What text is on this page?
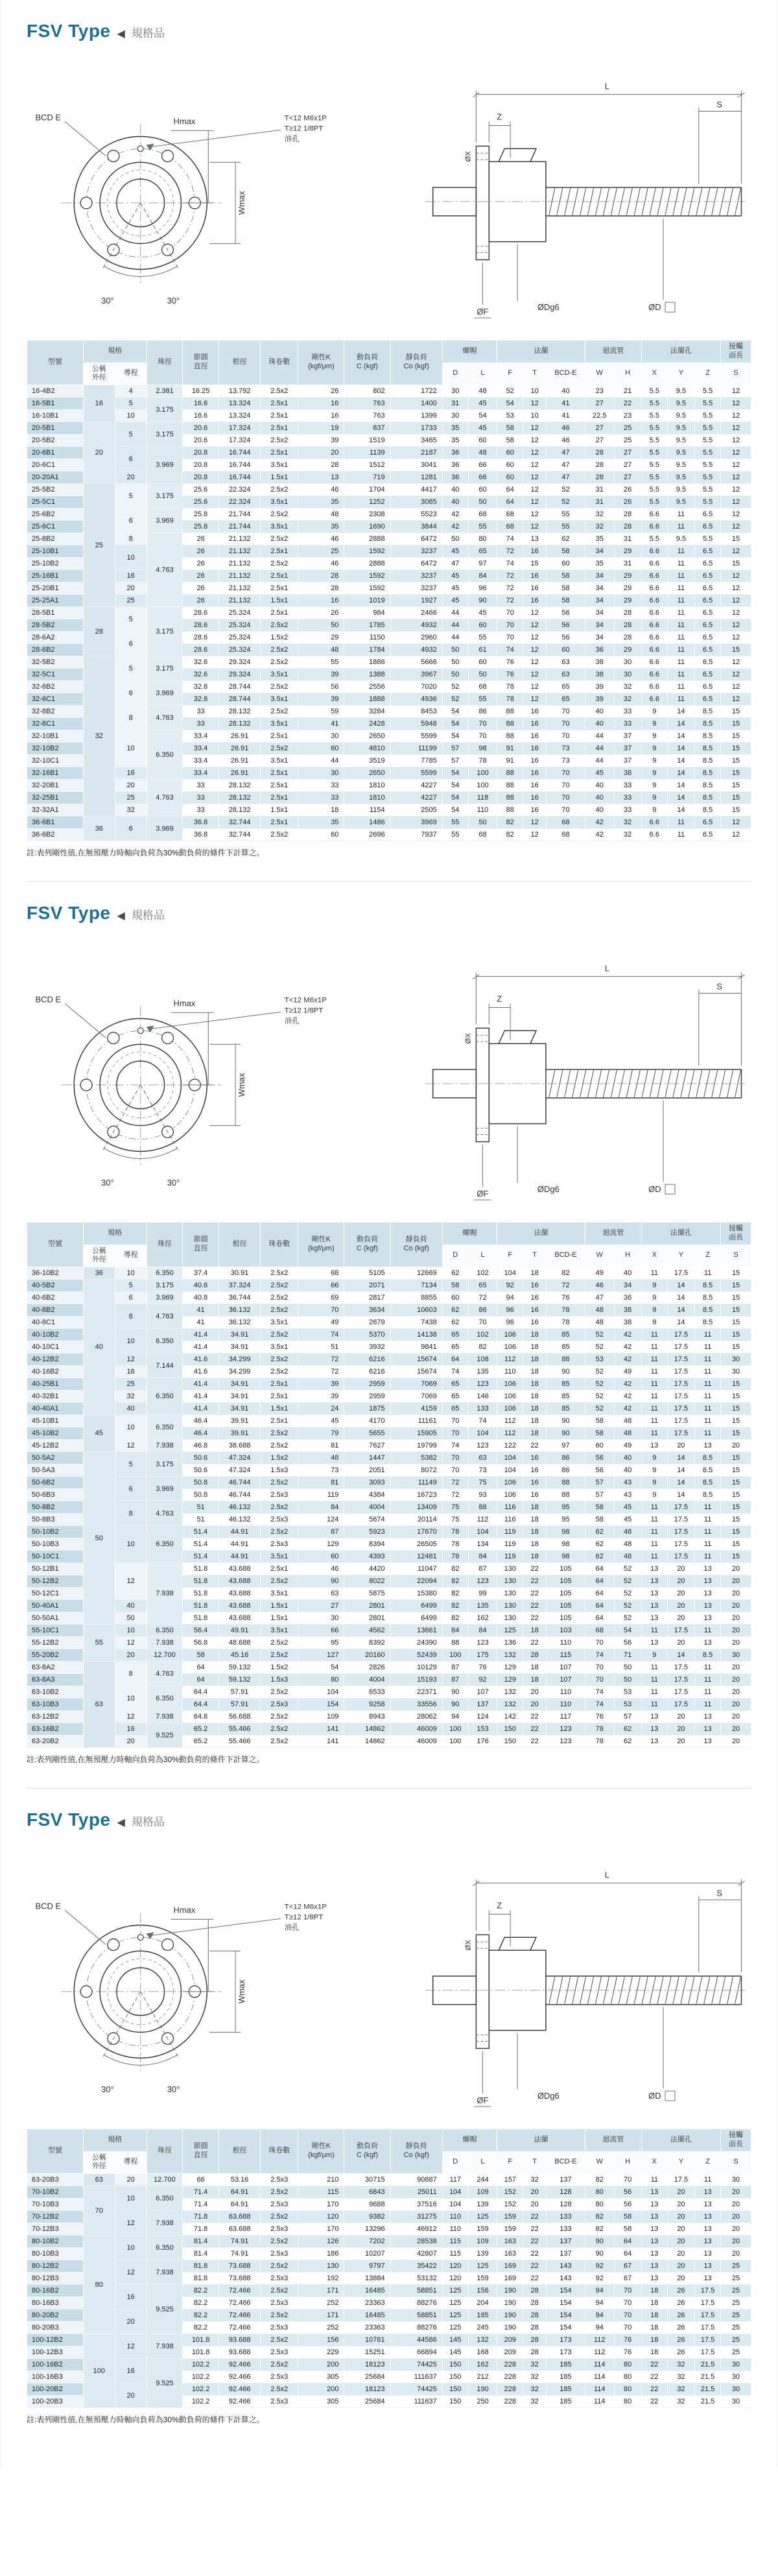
FSV Type ◀ 規格品
BCD E	Hmax
Wmax
30°	30°
T<12 M6x1P
T≥12 1/8PT
油孔
L
S
Z
ØX
ØF	ØDg6	ØD
型號	規格		珠徑	節圓
直徑	根徑	珠卷數	剛性K
(kgf/μm)	動負荷
C (kgf)	靜負荷
Co (kgf)	螺帽		法蘭			迴流管		法蘭孔			接觸
面長
	公稱
外徑	導程								D	L	F	T	BCD-E	W	H	X	Y	Z	S
16-4B2	16	4	2.381	16.25	13.792	2.5x2	26	802	1722	30	48	52	10	40	23	21	5.5	9.5	5.5	12
16-5B1		5	3.175	16.6	13.324	2.5x1	16	763	1400	31	45	54	12	41	27	22	5.5	9.5	5.5	12
16-10B1		10		16.6	13.324	2.5x1	16	763	1399	30	54	53	10	41	22.5	23	5.5	9.5	5.5	12
20-5B1	20	5	3.175	20.6	17.324	2.5x1	19	837	1733	35	45	58	12	46	27	25	5.5	9.5	5.5	12
20-5B2				20.6	17.324	2.5x2	39	1519	3465	35	60	58	12	46	27	25	5.5	9.5	5.5	12
20-6B1		6	3.969	20.8	16.744	2.5x1	20	1139	2187	36	48	60	12	47	28	27	5.5	9.5	5.5	12
20-6C1				20.8	16.744	3.5x1	28	1512	3041	36	66	60	12	47	28	27	5.5	9.5	5.5	12
20-20A1		20		20.8	16.744	1.5x1	13	719	1281	36	66	60	12	47	28	27	5.5	9.5	5.5	12
25-5B2	25	5	3.175	25.6	22.324	2.5x2	46	1704	4417	40	60	64	12	52	31	26	5.5	9.5	5.5	12
25-5C1				25.6	22.324	3.5x1	35	1252	3085	40	50	64	12	52	31	26	5.5	9.5	5.5	12
25-6B2		6	3.969	25.8	21.744	2.5x2	48	2308	5523	42	68	68	12	55	32	28	6.6	11	6.5	12
25-6C1				25.8	21.744	3.5x1	35	1690	3844	42	55	68	12	55	32	28	6.6	11	6.5	12
25-8B2		8	4.763	26	21.132	2.5x2	46	2888	6472	50	80	74	13	62	35	31	5.5	9.5	5.5	15
25-10B1		10		26	21.132	2.5x1	25	1592	3237	45	65	72	16	58	34	29	6.6	11	6.5	12
25-10B2				26	21.132	2.5x2	46	2888	6472	47	97	74	15	60	35	31	6.6	11	6.5	15
25-16B1		16		26	21.132	2.5x1	28	1592	3237	45	84	72	16	58	34	29	6.6	11	6.5	12
25-20B1		20		26	21.132	2.5x1	28	1592	3237	45	96	72	16	58	34	29	6.6	11	6.5	12
25-25A1		25		26	21.132	1.5x1	16	1019	1927	45	90	72	16	58	34	29	6.6	11	6.5	12
28-5B1	28	5	3.175	28.6	25.324	2.5x1	26	984	2466	44	45	70	12	56	34	28	6.6	11	6.5	12
28-5B2				28.6	25.324	2.5x2	50	1785	4932	44	60	70	12	56	34	28	6.6	11	6.5	12
28-6A2		6		28.6	25.324	1.5x2	29	1150	2960	44	55	70	12	56	34	28	6.6	11	6.5	12
28-6B2				28.6	25.324	2.5x2	48	1784	4932	50	61	74	12	60	36	29	6.6	11	6.5	15
32-5B2	32	5	3.175	32.6	29.324	2.5x2	55	1886	5666	50	60	76	12	63	38	30	6.6	11	6.5	12
32-5C1				32.6	29.324	3.5x1	39	1388	3967	50	50	76	12	63	38	30	6.6	11	6.5	12
32-6B2		6	3.969	32.8	28.744	2.5x2	56	2556	7020	52	68	78	12	65	39	32	6.6	11	6.5	12
32-6C1				32.8	28.744	3.5x1	39	1888	4936	52	55	78	12	65	39	32	6.6	11	6.5	12
32-8B2		8	4.763	33	28.132	2.5x2	59	3284	8453	54	86	88	16	70	40	33	9	14	8.5	15
32-8C1				33	28.132	3.5x1	41	2428	5948	54	70	88	16	70	40	33	9	14	8.5	15
32-10B1		10	6.350	33.4	26.91	2.5x1	30	2650	5599	54	70	88	16	70	44	37	9	14	8.5	15
32-10B2				33.4	26.91	2.5x2	60	4810	11199	57	98	91	16	73	44	37	9	14	8.5	15
32-10C1				33.4	26.91	3.5x1	44	3519	7785	57	78	91	16	73	44	37	9	14	8.5	15
32-16B1		16		33.4	26.91	2.5x1	30	2650	5599	54	100	88	16	70	45	38	9	14	8.5	15
32-20B1		20	4.763	33	28.132	2.5x1	33	1810	4227	54	100	88	16	70	40	33	9	14	8.5	15
32-25B1		25		33	28.132	2.5x1	33	1810	4227	54	118	88	16	70	40	33	9	14	8.5	15
32-32A1		32		33	28.132	1.5x1	18	1154	2505	54	110	88	16	70	40	33	9	14	8.5	15
36-6B1	36	6	3.969	36.8	32.744	2.5x1	35	1486	3969	55	50	82	12	68	42	32	6.6	11	6.5	12
36-6B2				36.8	32.744	2.5x2	60	2696	7937	55	68	82	12	68	42	32	6.6	11	6.5	12
註:表列剛性值,在無預壓力時軸向負荷為30%動負荷的條件下計算之。
FSV Type ◀ 規格品
BCD E	Hmax
Wmax
30°	30°
T<12 M6x1P
T≥12 1/8PT
油孔
L
S
Z
ØX
ØF	ØDg6	ØD
型號	規格		珠徑	節圓
直徑	根徑	珠卷數	剛性K
(kgf/μm)	動負荷
C (kgf)	靜負荷
Co (kgf)	螺帽		法蘭			迴流管		法蘭孔			接觸
面長
	公稱
外徑	導程								D	L	F	T	BCD-E	W	H	X	Y	Z	S
36-10B2	36	10	6.350	37.4	30.91	2.5x2	68	5105	12669	62	102	104	18	82	49	40	11	17.5	11	15
40-5B2	40	5	3.175	40.6	37.324	2.5x2	66	2071	7134	58	65	92	16	72	46	34	9	14	8.5	15
40-6B2		6	3.969	40.8	36.744	2.5x2	69	2817	8855	60	72	94	16	76	47	36	9	14	8.5	15
40-8B2		8	4.763	41	36.132	2.5x2	70	3634	10603	62	86	96	16	78	48	38	9	14	8.5	15
40-8C1				41	36.132	3.5x1	49	2679	7438	62	70	96	16	78	48	38	9	14	8.5	15
40-10B2		10	6.350	41.4	34.91	2.5x2	74	5370	14138	65	102	106	18	85	52	42	11	17.5	11	15
40-10C1				41.4	34.91	3.5x1	51	3932	9841	65	82	106	18	85	52	42	11	17.5	11	15
40-12B2		12	7.144	41.6	34.299	2.5x2	72	6216	15674	64	108	112	18	88	53	42	11	17.5	11	30
40-16B2		16		41.6	34.299	2.5x2	72	6216	15674	74	135	110	18	90	52	49	11	17.5	11	30
40-25B1		25	6.350	41.4	34.91	2.5x1	39	2959	7069	65	123	106	18	85	52	42	11	17.5	11	15
40-32B1		32		41.4	34.91	2.5x1	39	2959	7069	65	146	106	18	85	52	42	11	17.5	11	15
40-40A1		40		41.4	34.91	1.5x1	24	1875	4159	65	133	106	18	85	52	42	11	17.5	11	15
45-10B1	45	10	6.350	46.4	39.91	2.5x1	45	4170	11161	70	74	112	18	90	58	48	11	17.5	11	15
45-10B2				46.4	39.91	2.5x2	79	5655	15905	70	104	112	18	90	58	48	11	17.5	11	15
45-12B2		12	7.938	46.8	38.688	2.5x2	81	7627	19799	74	123	122	22	97	60	49	13	20	13	20
50-5A2	50	5	3.175	50.6	47.324	1.5x2	48	1447	5382	70	63	104	16	86	56	40	9	14	8.5	15
50-5A3				50.6	47.324	1.5x3	73	2051	8072	70	73	104	16	86	56	40	9	14	8.5	15
50-6B2		6	3.969	50.8	46.744	2.5x2	81	3093	11149	72	75	106	16	88	57	43	9	14	8.5	15
50-6B3				50.8	46.744	2.5x3	119	4384	16723	72	93	106	16	88	57	43	9	14	8.5	15
50-8B2		8	4.763	51	46.132	2.5x2	84	4004	13409	75	88	116	18	95	58	45	11	17.5	11	15
50-8B3				51	46.132	2.5x3	124	5674	20114	75	112	116	18	95	58	45	11	17.5	11	15
50-10B2		10	6.350	51.4	44.91	2.5x2	87	5923	17670	78	104	119	18	98	62	48	11	17.5	11	15
50-10B3				51.4	44.91	2.5x3	129	8394	26505	78	134	119	18	98	62	48	11	17.5	11	15
50-10C1				51.4	44.91	3.5x1	60	4393	12481	78	84	119	18	98	62	48	11	17.5	11	15
50-12B1		12	7.938	51.8	43.688	2.5x1	46	4420	11047	82	87	130	22	105	64	52	13	20	13	20
50-12B2				51.8	43.688	2.5x2	90	8022	22094	82	123	130	22	105	64	52	13	20	13	20
50-12C1				51.8	43.688	3.5x1	63	5875	15380	82	99	130	22	105	64	52	13	20	13	20
50-40A1		40		51.8	43.688	1.5x1	27	2801	6499	82	135	130	22	105	64	52	13	20	13	20
50-50A1		50		51.8	43.688	1.5x1	30	2801	6499	82	162	130	22	105	64	52	13	20	13	20
55-10C1	55	10	6.350	56.4	49.91	3.5x1	66	4562	13661	84	84	125	18	103	68	54	11	17.5	11	20
55-12B2		12	7.938	56.8	48.688	2.5x2	95	8392	24390	88	123	136	22	110	70	56	13	20	13	20
55-20B2		20	12.700	58	45.16	2.5x2	127	20160	52439	100	175	132	28	115	74	71	9	14	8.5	30
63-8A2	63	8	4.763	64	59.132	1.5x2	54	2826	10129	87	76	129	18	107	70	50	11	17.5	11	20
63-8A3				64	59.132	1.5x3	80	4004	15193	87	92	129	18	107	70	50	11	17.5	11	20
63-10B2		10	6.350	64.4	57.91	2.5x2	104	6533	22371	90	107	132	20	110	74	53	11	17.5	11	20
63-10B3				64.4	57.91	2.5x3	154	9258	33556	90	137	132	20	110	74	53	11	17.5	11	20
63-12B2		12	7.938	64.8	56.688	2.5x2	109	8943	28062	94	124	142	22	117	76	57	13	20	13	20
63-16B2		16	9.525	65.2	55.466	2.5x2	141	14862	46009	100	153	150	22	123	78	62	13	20	13	20
63-20B2		20		65.2	55.466	2.5x2	141	14862	46009	100	176	150	22	123	78	62	13	20	13	20
註:表列剛性值,在無預壓力時軸向負荷為30%動負荷的條件下計算之。
FSV Type ◀ 規格品
BCD E	Hmax
Wmax
30°	30°
T<12 M6x1P
T≥12 1/8PT
油孔
L
S
Z
ØX
ØF	ØDg6	ØD
型號	規格		珠徑	節圓
直徑	根徑	珠卷數	剛性K
(kgf/μm)	動負荷
C (kgf)	靜負荷
Co (kgf)	螺帽		法蘭			迴流管		法蘭孔			接觸
面長
	公稱
外徑	導程								D	L	F	T	BCD-E	W	H	X	Y	Z	S
63-20B3	63	20	12.700	66	53.16	2.5x3	210	30715	90887	117	244	157	32	137	82	70	11	17.5	11	30
70-10B2	70	10	6.350	71.4	64.91	2.5x2	115	6843	25011	104	109	152	20	128	80	56	13	20	13	20
70-10B3				71.4	64.91	2.5x3	170	9688	37516	104	139	152	20	128	80	56	13	20	13	20
70-12B2		12	7.938	71.8	63.688	2.5x2	120	9382	31275	110	125	159	22	133	82	58	13	20	13	20
70-12B3				71.8	63.688	2.5x3	170	13296	46912	110	159	159	22	133	82	58	13	20	13	20
80-10B2	80	10	6.350	81.4	74.91	2.5x2	126	7202	28538	115	109	163	22	137	90	64	13	20	13	20
80-10B3				81.4	74.91	2.5x3	186	10207	42807	115	139	163	22	137	90	64	13	20	13	20
80-12B2		12	7.938	81.8	73.688	2.5x2	130	9797	35422	120	125	169	22	143	92	67	13	20	13	25
80-12B3				81.8	73.688	2.5x3	192	13884	53132	120	159	169	22	143	92	67	13	20	13	25
80-16B2		16	9.525	82.2	72.466	2.5x2	171	16485	58851	125	156	190	28	154	94	70	18	26	17.5	25
80-16B3				82.2	72.466	2.5x3	252	23363	88276	125	204	190	28	154	94	70	18	26	17.5	25
80-20B2		20		82.2	72.466	2.5x2	171	16485	58851	125	185	190	28	154	94	70	18	26	17.5	25
80-20B3				82.2	72.466	2.5x3	252	23363	88276	125	245	190	28	154	94	70	18	26	17.5	25
100-12B2	100	12	7.938	101.8	93.688	2.5x2	156	10761	44586	145	132	209	28	173	112	76	18	26	17.5	25
100-12B3				101.8	93.688	2.5x3	229	15251	66894	145	168	209	28	173	112	76	18	26	17.5	25
100-16B2		16	9.525	102.2	92.466	2.5x2	200	18123	74425	150	162	228	32	185	114	80	22	32	21.5	30
100-16B3				102.2	92.466	2.5x3	305	25684	111637	150	212	228	32	185	114	80	22	32	21.5	30
100-20B2		20		102.2	92.466	2.5x2	200	18123	74425	150	190	228	32	185	114	80	22	32	21.5	30
100-20B3				102.2	92.466	2.5x3	305	25684	111637	150	250	228	32	185	114	80	22	32	21.5	30
註:表列剛性值,在無預壓力時軸向負荷為30%動負荷的條件下計算之。
